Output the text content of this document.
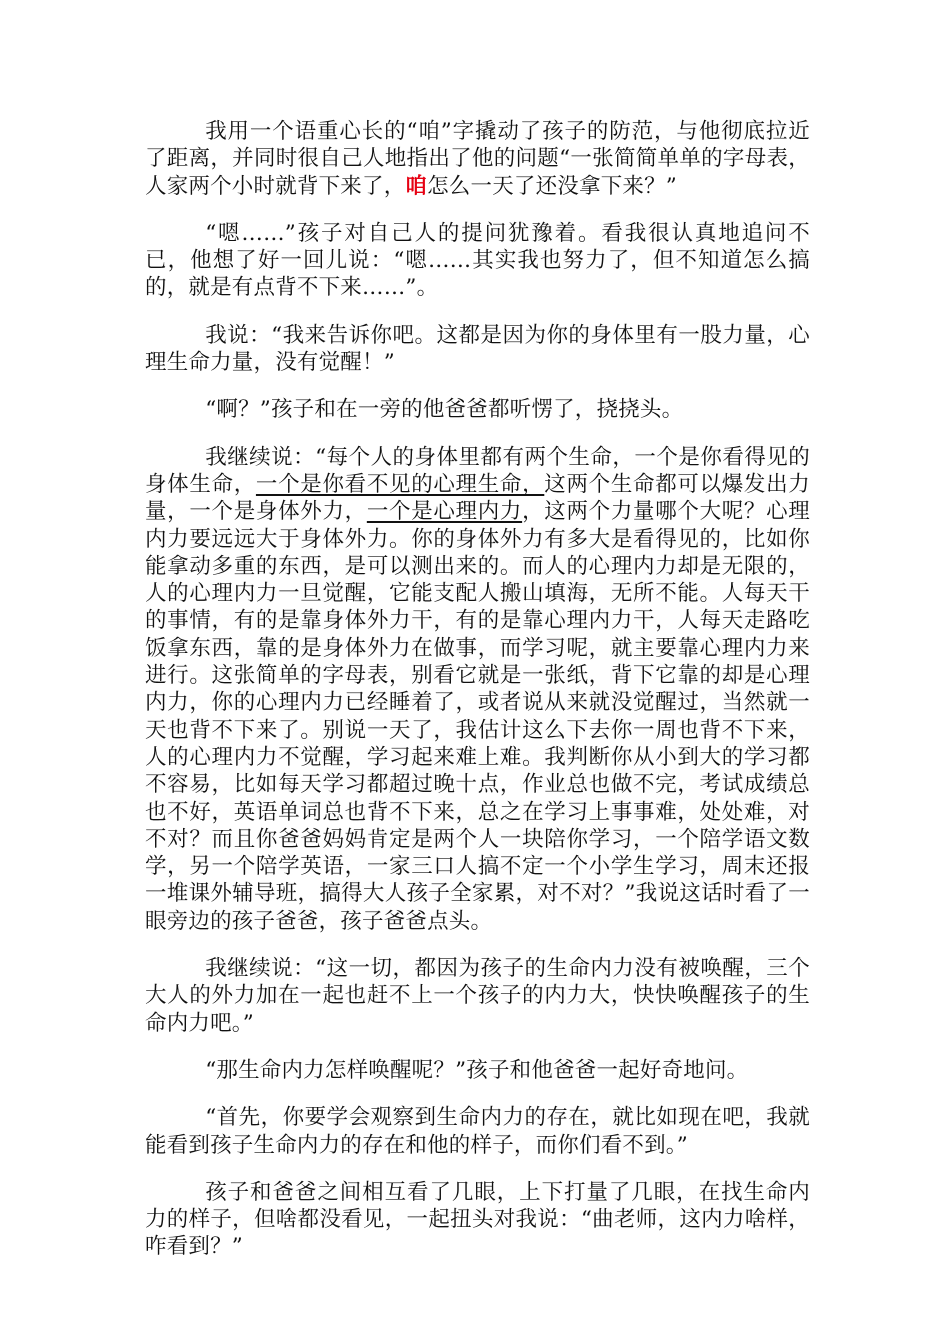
我用一个语重心长的“咱”字撬动了孩子的防范，与他彻底拉近了距离，并同时很自己人地指出了他的问题“一张简简单单的字母表，人家两个小时就背下来了，咱怎么一天了还没拿下来？”

“嗯……”孩子对自己人的提问犹豫着。看我很认真地追问不已，他想了好一回儿说：“嗯……其实我也努力了，但不知道怎么搞的，就是有点背不下来……”。

我说：“我来告诉你吧。这都是因为你的身体里有一股力量，心理生命力量，没有觉醒！”

“啊？”孩子和在一旁的他爸爸都听愣了，挠挠头。

我继续说：“每个人的身体里都有两个生命，一个是你看得见的身体生命，一个是你看不见的心理生命，这两个生命都可以爆发出力量，一个是身体外力，一个是心理内力，这两个力量哪个大呢？心理内力要远远大于身体外力。你的身体外力有多大是看得见的，比如你能拿动多重的东西，是可以测出来的。而人的心理内力却是无限的，人的心理内力一旦觉醒，它能支配人搬山填海，无所不能。人每天干的事情，有的是靠身体外力干，有的是靠心理内力干，人每天走路吃饭拿东西，靠的是身体外力在做事，而学习呢，就主要靠心理内力来进行。这张简单的字母表，别看它就是一张纸，背下它靠的却是心理内力，你的心理内力已经睡着了，或者说从来就没觉醒过，当然就一天也背不下来了。别说一天了，我估计这么下去你一周也背不下来，人的心理内力不觉醒，学习起来难上难。我判断你从小到大的学习都不容易，比如每天学习都超过晚十点，作业总也做不完，考试成绩总也不好，英语单词总也背不下来，总之在学习上事事难，处处难，对不对？而且你爸爸妈妈肯定是两个人一块陪你学习，一个陪学语文数学，另一个陪学英语，一家三口人搞不定一个小学生学习，周末还报一堆课外辅导班，搞得大人孩子全家累，对不对？”我说这话时看了一眼旁边的孩子爸爸，孩子爸爸点头。

我继续说：“这一切，都因为孩子的生命内力没有被唤醒，三个大人的外力加在一起也赶不上一个孩子的内力大，快快唤醒孩子的生命内力吧。”

“那生命内力怎样唤醒呢？”孩子和他爸爸一起好奇地问。

“首先，你要学会观察到生命内力的存在，就比如现在吧，我就能看到孩子生命内力的存在和他的样子，而你们看不到。”

孩子和爸爸之间相互看了几眼，上下打量了几眼，在找生命内力的样子，但啥都没看见，一起扭头对我说：“曲老师，这内力啥样，咋看到？”
